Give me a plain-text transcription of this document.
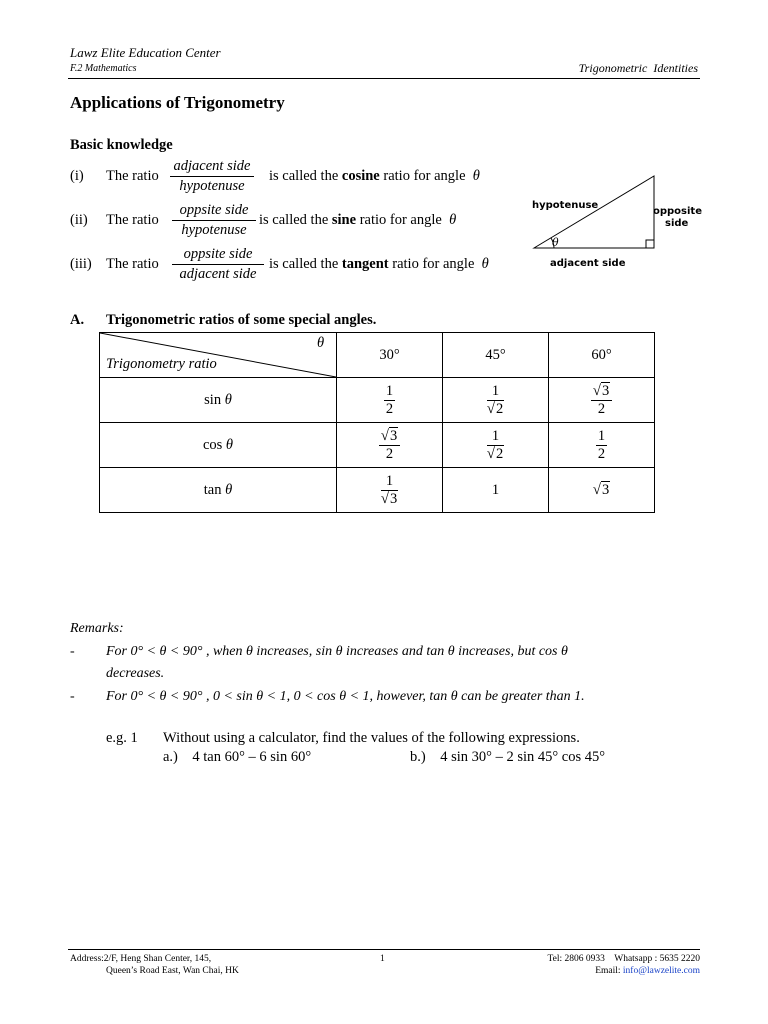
Lawz Elite Education Center
F.2 Mathematics	Trigonometric Identities
Applications of Trigonometry
Basic knowledge
(i) The ratio
adjacent side
hypotenuse
is called the cosine ratio for angle θ
(ii) The ratio
oppsite side
hypotenuse
is called the sine ratio for angle θ
(iii) The ratio
oppsite side
adjacent side
is called the tangent ratio for angle θ
hypotenuse
opposite
side
adjacent side
θ
A. Trigonometric ratios of some special angles.
θ
Trigonometry ratio	30°	45°	60°
sin θ	$\frac{1}{2}$	$\frac{1}{√2}$	$\frac{√3}{2}$

cos θ	$\frac{√3}{2}$	$\frac{1}{√2}$	$\frac{1}{2}$

tan θ	$\frac{1}{√3}$	1	√3
Remarks:
- For 0° < θ < 90° , when θ increases, sin θ increases and tan θ increases, but cos θ
decreases.
- For 0° < θ < 90° , 0 < sin θ < 1, 0 < cos θ < 1, however, tan θ can be greater than 1.
e.g. 1 Without using a calculator, find the values of the following expressions.
a.) 4 tan 60° – 6 sin 60°	b.) 4 sin 30° – 2 sin 45° cos 45°
Address:2/F, Heng Shan Center, 145,
Queen’s Road East, Wan Chai, HK
1	Tel: 2806 0933 Whatsapp : 5635 2220
Email: info@lawzelite.com
